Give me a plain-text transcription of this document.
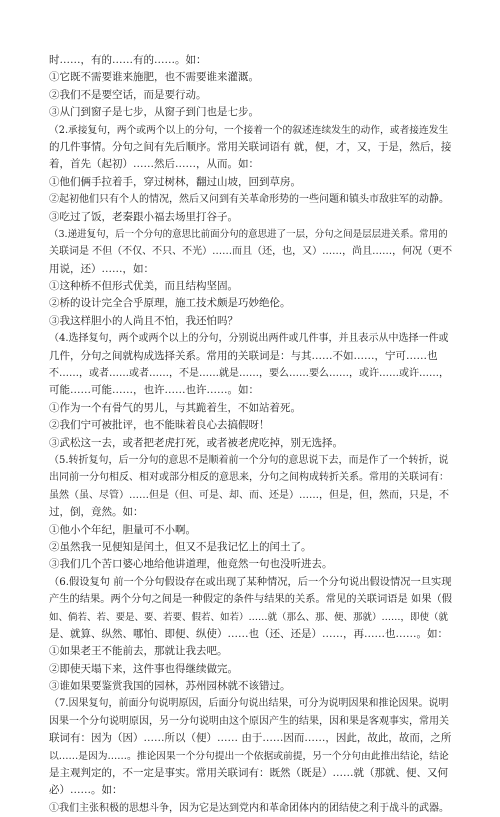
时……，有的……有的……。如：
①它既不需要谁来施肥，也不需要谁来灌溉。
②我们不是要空话，而是要行动。
③从门到窗子是七步，从窗子到门也是七步。
（2.承接复句，两个或两个以上的分句，一个接着一个的叙述连续发生的动作，或者接连发生
的几件事情。分句之间有先后顺序。常用关联词语有 就，便，才，又，于是，然后，接
着，首先（起初）……然后……，从而。如：
①他们俩手拉着手，穿过树林，翻过山坡，回到草房。
②起初他们只有个人的情况，然后又问到有关革命形势的一些问题和镇头市敌驻军的动静。
③吃过了饭，老秦跟小福去场里打谷子。
（3.递进复句，后一个分句的意思比前面分句的意思进了一层，分句之间是层层进关系。常用的
关联词是 不但（不仅、不只、不光）……而且（还，也，又）……，尚且……，何况（更不
用说，还）……，如：
①这种桥不但形式优美，而且结构坚固。
②桥的设计完全合乎原理，施工技术颇是巧妙绝伦。
③我这样胆小的人尚且不怕，我还怕吗？
（4.选择复句，两个或两个以上的分句，分别说出两件或几件事，并且表示从中选择一件或
几件，分句之间就构成选择关系。常用的关联词是：与其……不如……，宁可……也
不……，或者……或者……，不是……就是……，要么……要么……，或许……或许……，
可能……可能……，也许……也许……。如：
①作为一个有骨气的男儿，与其跪着生，不如站着死。
②我们宁可被批评，也不能昧着良心去搞假呀！
③武松这一去，或者把老虎打死，或者被老虎吃掉，别无选择。
（5.转折复句，后一分句的意思不是顺着前一个分句的意思说下去，而是作了一个转折，说
出同前一分句相反、相对或部分相反的意思来，分句之间构成转折关系。常用的关联词有：
虽然（虽、尽管）……但是（但、可是、却、而、还是）……，但是，但，然而，只是，不
过，倒，竟然。如：
①他小个年纪，胆量可不小啊。
②虽然我一见便知是闰土，但又不是我记忆上的闰土了。
③我们几个苦口婆心地给他讲道理，他竟然一句也没听进去。
（6.假设复句 前一个分句假设存在或出现了某种情况，后一个分句说出假设情况一旦实现
产生的结果。两个分句之间是一种假定的条件与结果的关系。常见的关联词语是 如果（假
如、倘若、若、要是、要、若要、假若、如若）……就（那么、那、便、那就）……，即使（就
是、就算、纵然、哪怕、即便、纵使）……也（还、还是）……，再……也……。如：
①如果老王不能前去，那就让我去吧。
②即使天塌下来，这件事也得继续做完。
③谁如果要鉴赏我国的园林，苏州园林就不该错过。
（7.因果复句，前面分句说明原因，后面分句说出结果，可分为说明因果和推论因果。说明
因果一个分句说明原因，另一分句说明由这个原因产生的结果，因和果是客观事实，常用关
联词有：因为（因）……所以（便）…… 由于……因而……，因此，故此，故而，之所
以……是因为……。推论因果一个分句提出一个依据或前提，另一个分句由此推出结论，结论
是主观判定的，不一定是事实。常用关联词有：既然（既是）……就（那就、便、又何
必）……。如：
①我们主张积极的思想斗争，因为它是达到党内和革命团体内的团结使之利于战斗的武器。
